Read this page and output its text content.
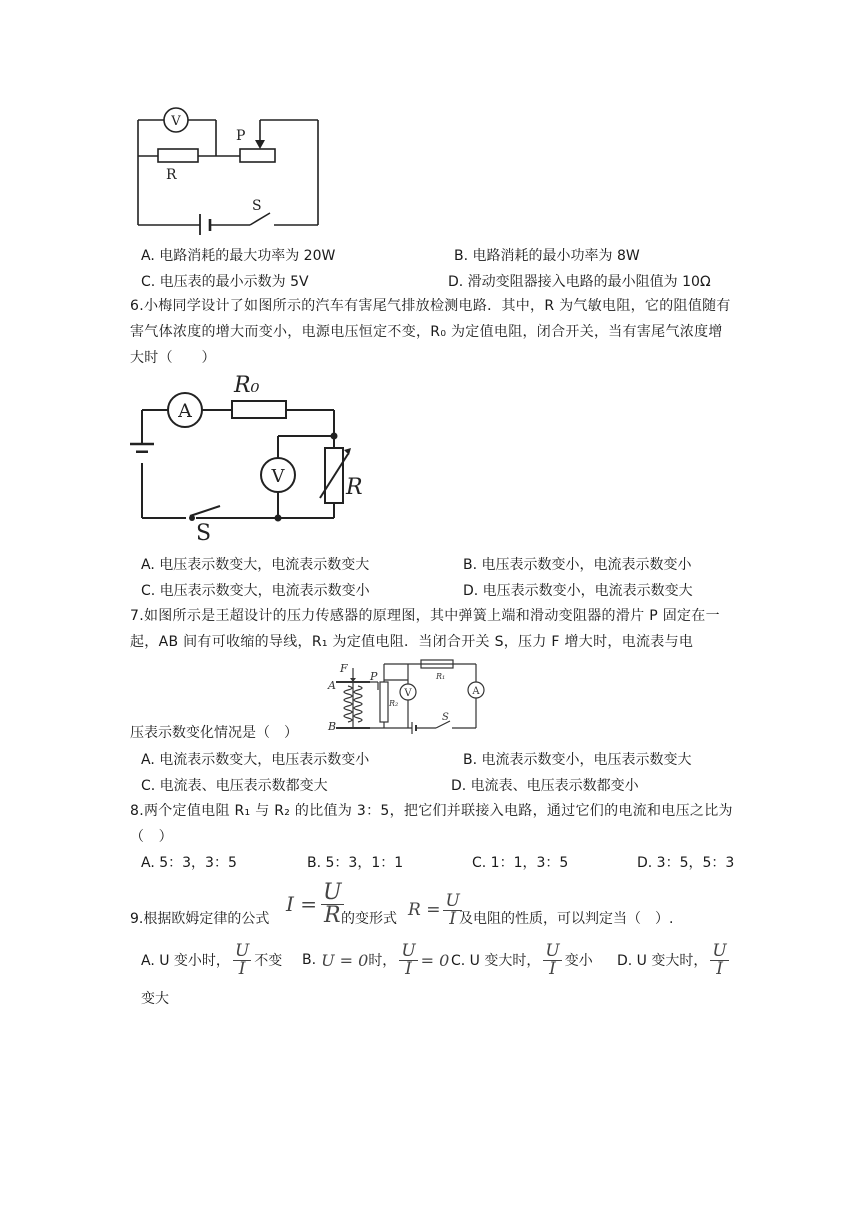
V
P
R
S
A. 电路消耗的最大功率为 20W	B. 电路消耗的最小功率为 8W
C. 电压表的最小示数为 5V	D. 滑动变阻器接入电路的最小阻值为 10Ω
6.小梅同学设计了如图所示的汽车有害尾气排放检测电路．其中，R 为气敏电阻，它的阻值随有害气体浓度的增大而变小，电源电压恒定不变，R₀ 为定值电阻，闭合开关，当有害尾气浓度增大时（　　）
A
V
R₀
R
S
A. 电压表示数变大，电流表示数变大	B. 电压表示数变小，电流表示数变小
C. 电压表示数变大，电流表示数变小	D. 电压表示数变小，电流表示数变大
7.如图所示是王超设计的压力传感器的原理图，其中弹簧上端和滑动变阻器的滑片 P 固定在一起，AB 间有可收缩的导线，R₁ 为定值电阻．当闭合开关 S，压力 F 增大时，电流表与电
V	A
F
A
B
P
R₂
R₁
S
压表示数变化情况是（　）
A. 电流表示数变大，电压表示数变小	B. 电流表示数变小，电压表示数变大
C. 电流表、电压表示数都变大	D. 电流表、电压表示数都变小
8.两个定值电阻 R₁ 与 R₂ 的比值为 3：5，把它们并联接入电路，通过它们的电流和电压之比为（　）
A. 5：3，3：5	B. 5：3，1：1	C. 1：1，3：5	D. 3：5，5：3
9.根据欧姆定律的公式
$I = \frac{U}{R}$
的变形式 $R = \frac{U}{I}$
及电阻的性质，可以判定当（　）.
A. U 变小时， $\frac{U}{I}$ 不变 B. U = 0 时， $\frac{U}{I} = 0$ C. U 变大时， $\frac{U}{I}$ 变小 D. U 变大时， $\frac{U}{I}$
变大
